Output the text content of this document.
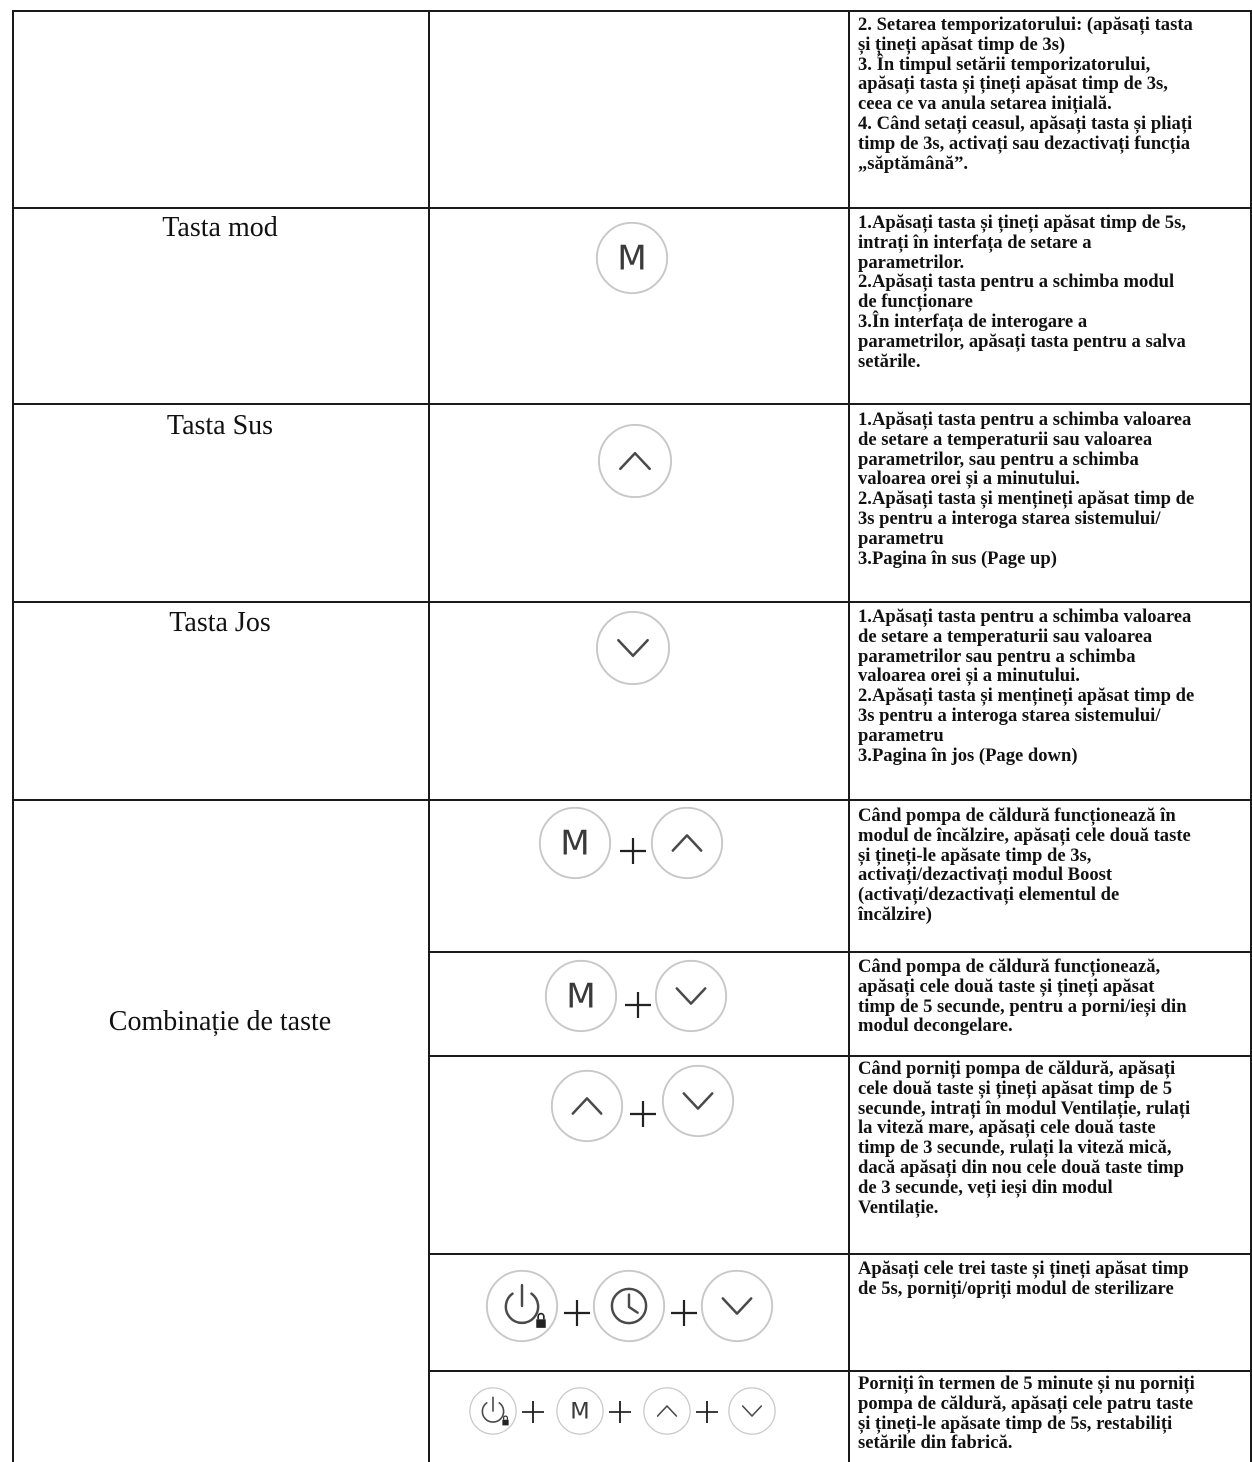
2. Setarea temporizatorului: (apăsați tasta
și țineți apăsat timp de 3s)
3. În timpul setării temporizatorului,
apăsați tasta și țineți apăsat timp de 3s,
ceea ce va anula setarea inițială.
4. Când setați ceasul, apăsați tasta și pliați
timp de 3s, activați sau dezactivați funcția
„săptămână”.

Tasta mod	1.Apăsați tasta și țineți apăsat timp de 5s,
intrați în interfața de setare a
parametrilor.
2.Apăsați tasta pentru a schimba modul
de funcționare
3.În interfața de interogare a
parametrilor, apăsați tasta pentru a salva
setările.

Tasta Sus	1.Apăsați tasta pentru a schimba valoarea
de setare a temperaturii sau valoarea
parametrilor, sau pentru a schimba
valoarea orei și a minutului.
2.Apăsați tasta și mențineți apăsat timp de
3s pentru a interoga starea sistemului/
parametru
3.Pagina în sus (Page up)

Tasta Jos	1.Apăsați tasta pentru a schimba valoarea
de setare a temperaturii sau valoarea
parametrilor sau pentru a schimba
valoarea orei și a minutului.
2.Apăsați tasta și mențineți apăsat timp de
3s pentru a interoga starea sistemului/
parametru
3.Pagina în jos (Page down)

Combinație de taste

Când pompa de căldură funcționează în
modul de încălzire, apăsați cele două taste
și țineți-le apăsate timp de 3s,
activați/dezactivați modul Boost
(activați/dezactivați elementul de
încălzire)

Când pompa de căldură funcționează,
apăsați cele două taste și țineți apăsat
timp de 5 secunde, pentru a porni/ieși din
modul decongelare.

Când porniți pompa de căldură, apăsați
cele două taste și țineți apăsat timp de 5
secunde, intrați în modul Ventilație, rulați
la viteză mare, apăsați cele două taste
timp de 3 secunde, rulați la viteză mică,
dacă apăsați din nou cele două taste timp
de 3 secunde, veți ieși din modul
Ventilație.

Apăsați cele trei taste și țineți apăsat timp
de 5s, porniți/opriți modul de sterilizare

Porniți în termen de 5 minute și nu porniți
pompa de căldură, apăsați cele patru taste
și țineți-le apăsate timp de 5s, restabiliți
setările din fabrică.
